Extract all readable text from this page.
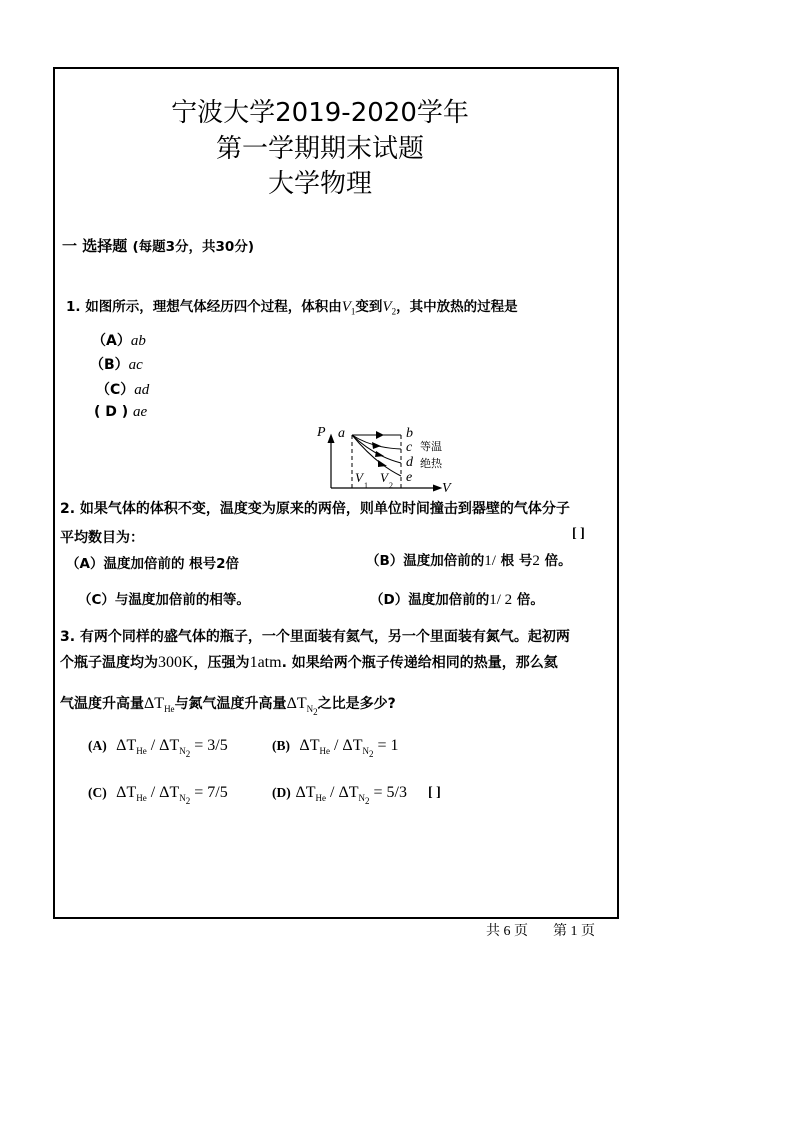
宁波大学2019-2020学年
第一学期期末试题
大学物理
一 选择题 (每题3分，共30分)
1. 如图所示，理想气体经历四个过程，体积由$V_1$变到$V_2$，其中放热的过程是
（A）ab
（B）ac
（C）ad
( D ) ae
P a	b
c
d
e
等温
绝热
V
V
1
V
2
2. 如果气体的体积不变，温度变为原来的两倍，则单位时间撞击到器壁的气体分子
平均数目为：	[ ]
（A）温度加倍前的 根号2倍	（B）温度加倍前的1/ 根 号2 倍。
（C）与温度加倍前的相等。	（D）温度加倍前的1/ 2 倍。
3. 有两个同样的盛气体的瓶子，一个里面装有氦气，另一个里面装有氮气。起初两
个瓶子温度均为300K，压强为1atm. 如果给两个瓶子传递给相同的热量，那么氦
气温度升高量$\Delta T_{He}$与氮气温度升高量$\Delta T_{N_2}$之比是多少?
(A) $\Delta T_{He} / \Delta T_{N_2} = 3/5$	(B) $\Delta T_{He} / \Delta T_{N_2} = 1$
(C) $\Delta T_{He} / \Delta T_{N_2} = 7/5$	(D) $\Delta T_{He} / \Delta T_{N_2} = 5/3$ [ ]
共 6 页 第 1 页
